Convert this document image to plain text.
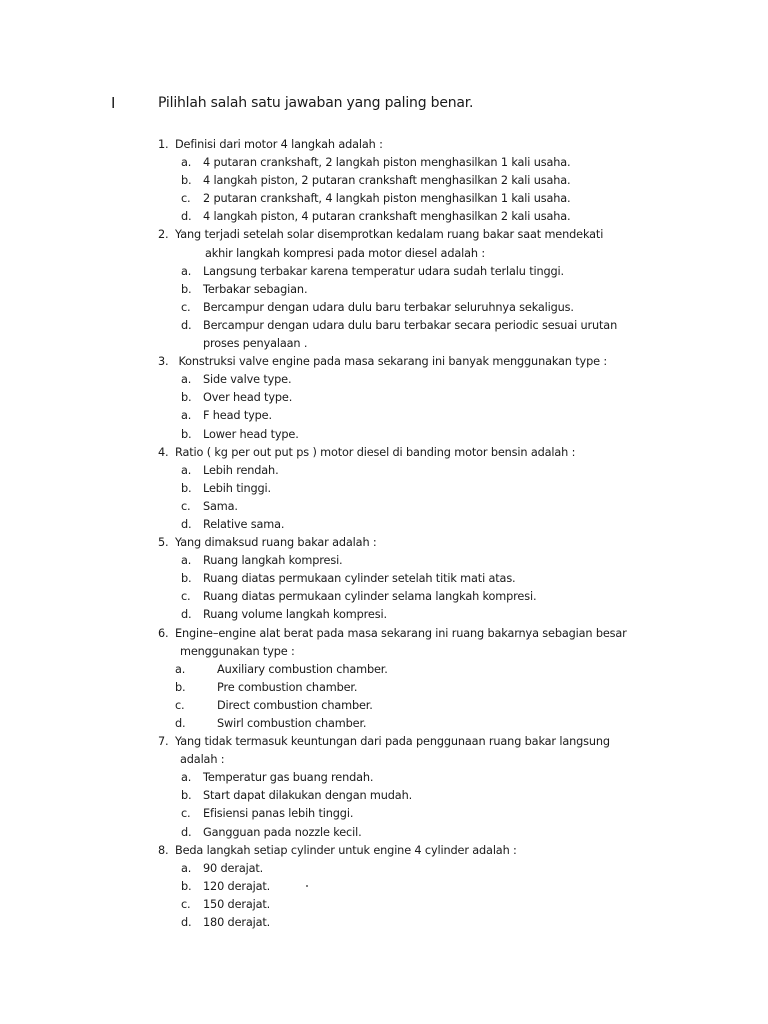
I	Pilihlah salah satu jawaban yang paling benar.
1. Definisi dari motor 4 langkah adalah :
a. 4 putaran crankshaft, 2 langkah piston menghasilkan 1 kali usaha.
b. 4 langkah piston, 2 putaran crankshaft menghasilkan 2 kali usaha.
c. 2 putaran crankshaft, 4 langkah piston menghasilkan 1 kali usaha.
d. 4 langkah piston, 4 putaran crankshaft menghasilkan 2 kali usaha.
2. Yang terjadi setelah solar disemprotkan kedalam ruang bakar saat mendekati
akhir langkah kompresi pada motor diesel adalah :
a. Langsung terbakar karena temperatur udara sudah terlalu tinggi.
b. Terbakar sebagian.
c. Bercampur dengan udara dulu baru terbakar seluruhnya sekaligus.
d. Bercampur dengan udara dulu baru terbakar secara periodic sesuai urutan
proses penyalaan .
3. Konstruksi valve engine pada masa sekarang ini banyak menggunakan type :
a. Side valve type.
b. Over head type.
a. F head type.
b. Lower head type.
4. Ratio ( kg per out put ps ) motor diesel di banding motor bensin adalah :
a. Lebih rendah.
b. Lebih tinggi.
c. Sama.
d. Relative sama.
5. Yang dimaksud ruang bakar adalah :
a. Ruang langkah kompresi.
b. Ruang diatas permukaan cylinder setelah titik mati atas.
c. Ruang diatas permukaan cylinder selama langkah kompresi.
d. Ruang volume langkah kompresi.
6. Engine–engine alat berat pada masa sekarang ini ruang bakarnya sebagian besar
menggunakan type :
a.	Auxiliary combustion chamber.
b.	Pre combustion chamber.
c.	Direct combustion chamber.
d.	Swirl combustion chamber.
7. Yang tidak termasuk keuntungan dari pada penggunaan ruang bakar langsung
adalah :
a. Temperatur gas buang rendah.
b. Start dapat dilakukan dengan mudah.
c. Efisiensi panas lebih tinggi.
d. Gangguan pada nozzle kecil.
8. Beda langkah setiap cylinder untuk engine 4 cylinder adalah :
a. 90 derajat.
b. 120 derajat.
c. 150 derajat.
d. 180 derajat.
